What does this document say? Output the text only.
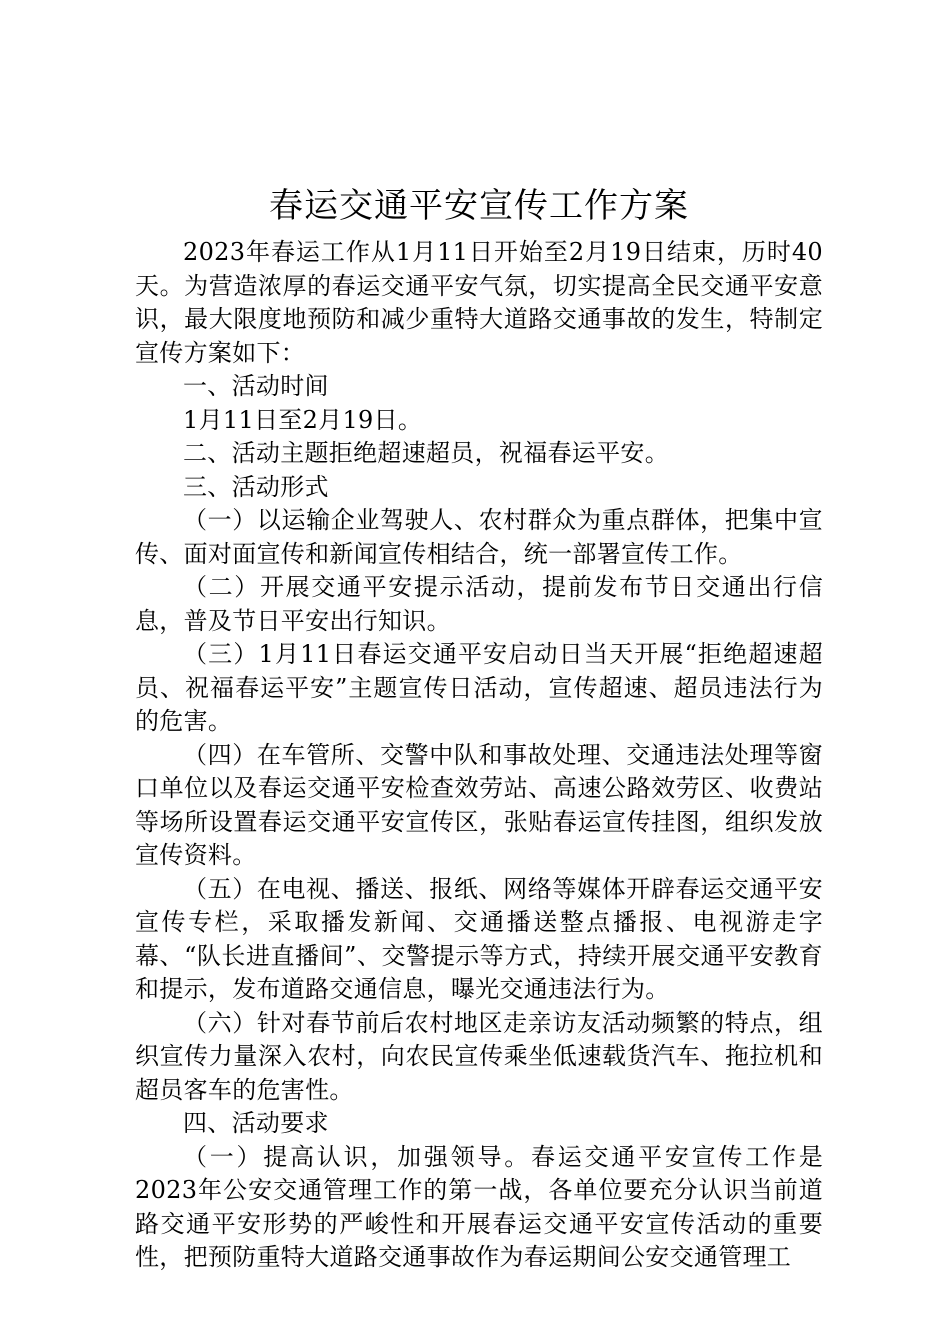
春运交通平安宣传工作方案

2023年春运工作从1月11日开始至2月19日结束，历时40天。为营造浓厚的春运交通平安气氛，切实提高全民交通平安意识，最大限度地预防和减少重特大道路交通事故的发生，特制定宣传方案如下：

一、活动时间

1月11日至2月19日。

二、活动主题拒绝超速超员，祝福春运平安。

三、活动形式

（一）以运输企业驾驶人、农村群众为重点群体，把集中宣传、面对面宣传和新闻宣传相结合，统一部署宣传工作。

（二）开展交通平安提示活动，提前发布节日交通出行信息，普及节日平安出行知识。

（三）1月11日春运交通平安启动日当天开展“拒绝超速超员、祝福春运平安”主题宣传日活动，宣传超速、超员违法行为的危害。

（四）在车管所、交警中队和事故处理、交通违法处理等窗口单位以及春运交通平安检查效劳站、高速公路效劳区、收费站等场所设置春运交通平安宣传区，张贴春运宣传挂图，组织发放宣传资料。

（五）在电视、播送、报纸、网络等媒体开辟春运交通平安宣传专栏，采取播发新闻、交通播送整点播报、电视游走字幕、“队长进直播间”、交警提示等方式，持续开展交通平安教育和提示，发布道路交通信息，曝光交通违法行为。

（六）针对春节前后农村地区走亲访友活动频繁的特点，组织宣传力量深入农村，向农民宣传乘坐低速载货汽车、拖拉机和超员客车的危害性。

四、活动要求

（一）提高认识，加强领导。春运交通平安宣传工作是2023年公安交通管理工作的第一战，各单位要充分认识当前道路交通平安形势的严峻性和开展春运交通平安宣传活动的重要性，把预防重特大道路交通事故作为春运期间公安交通管理工
